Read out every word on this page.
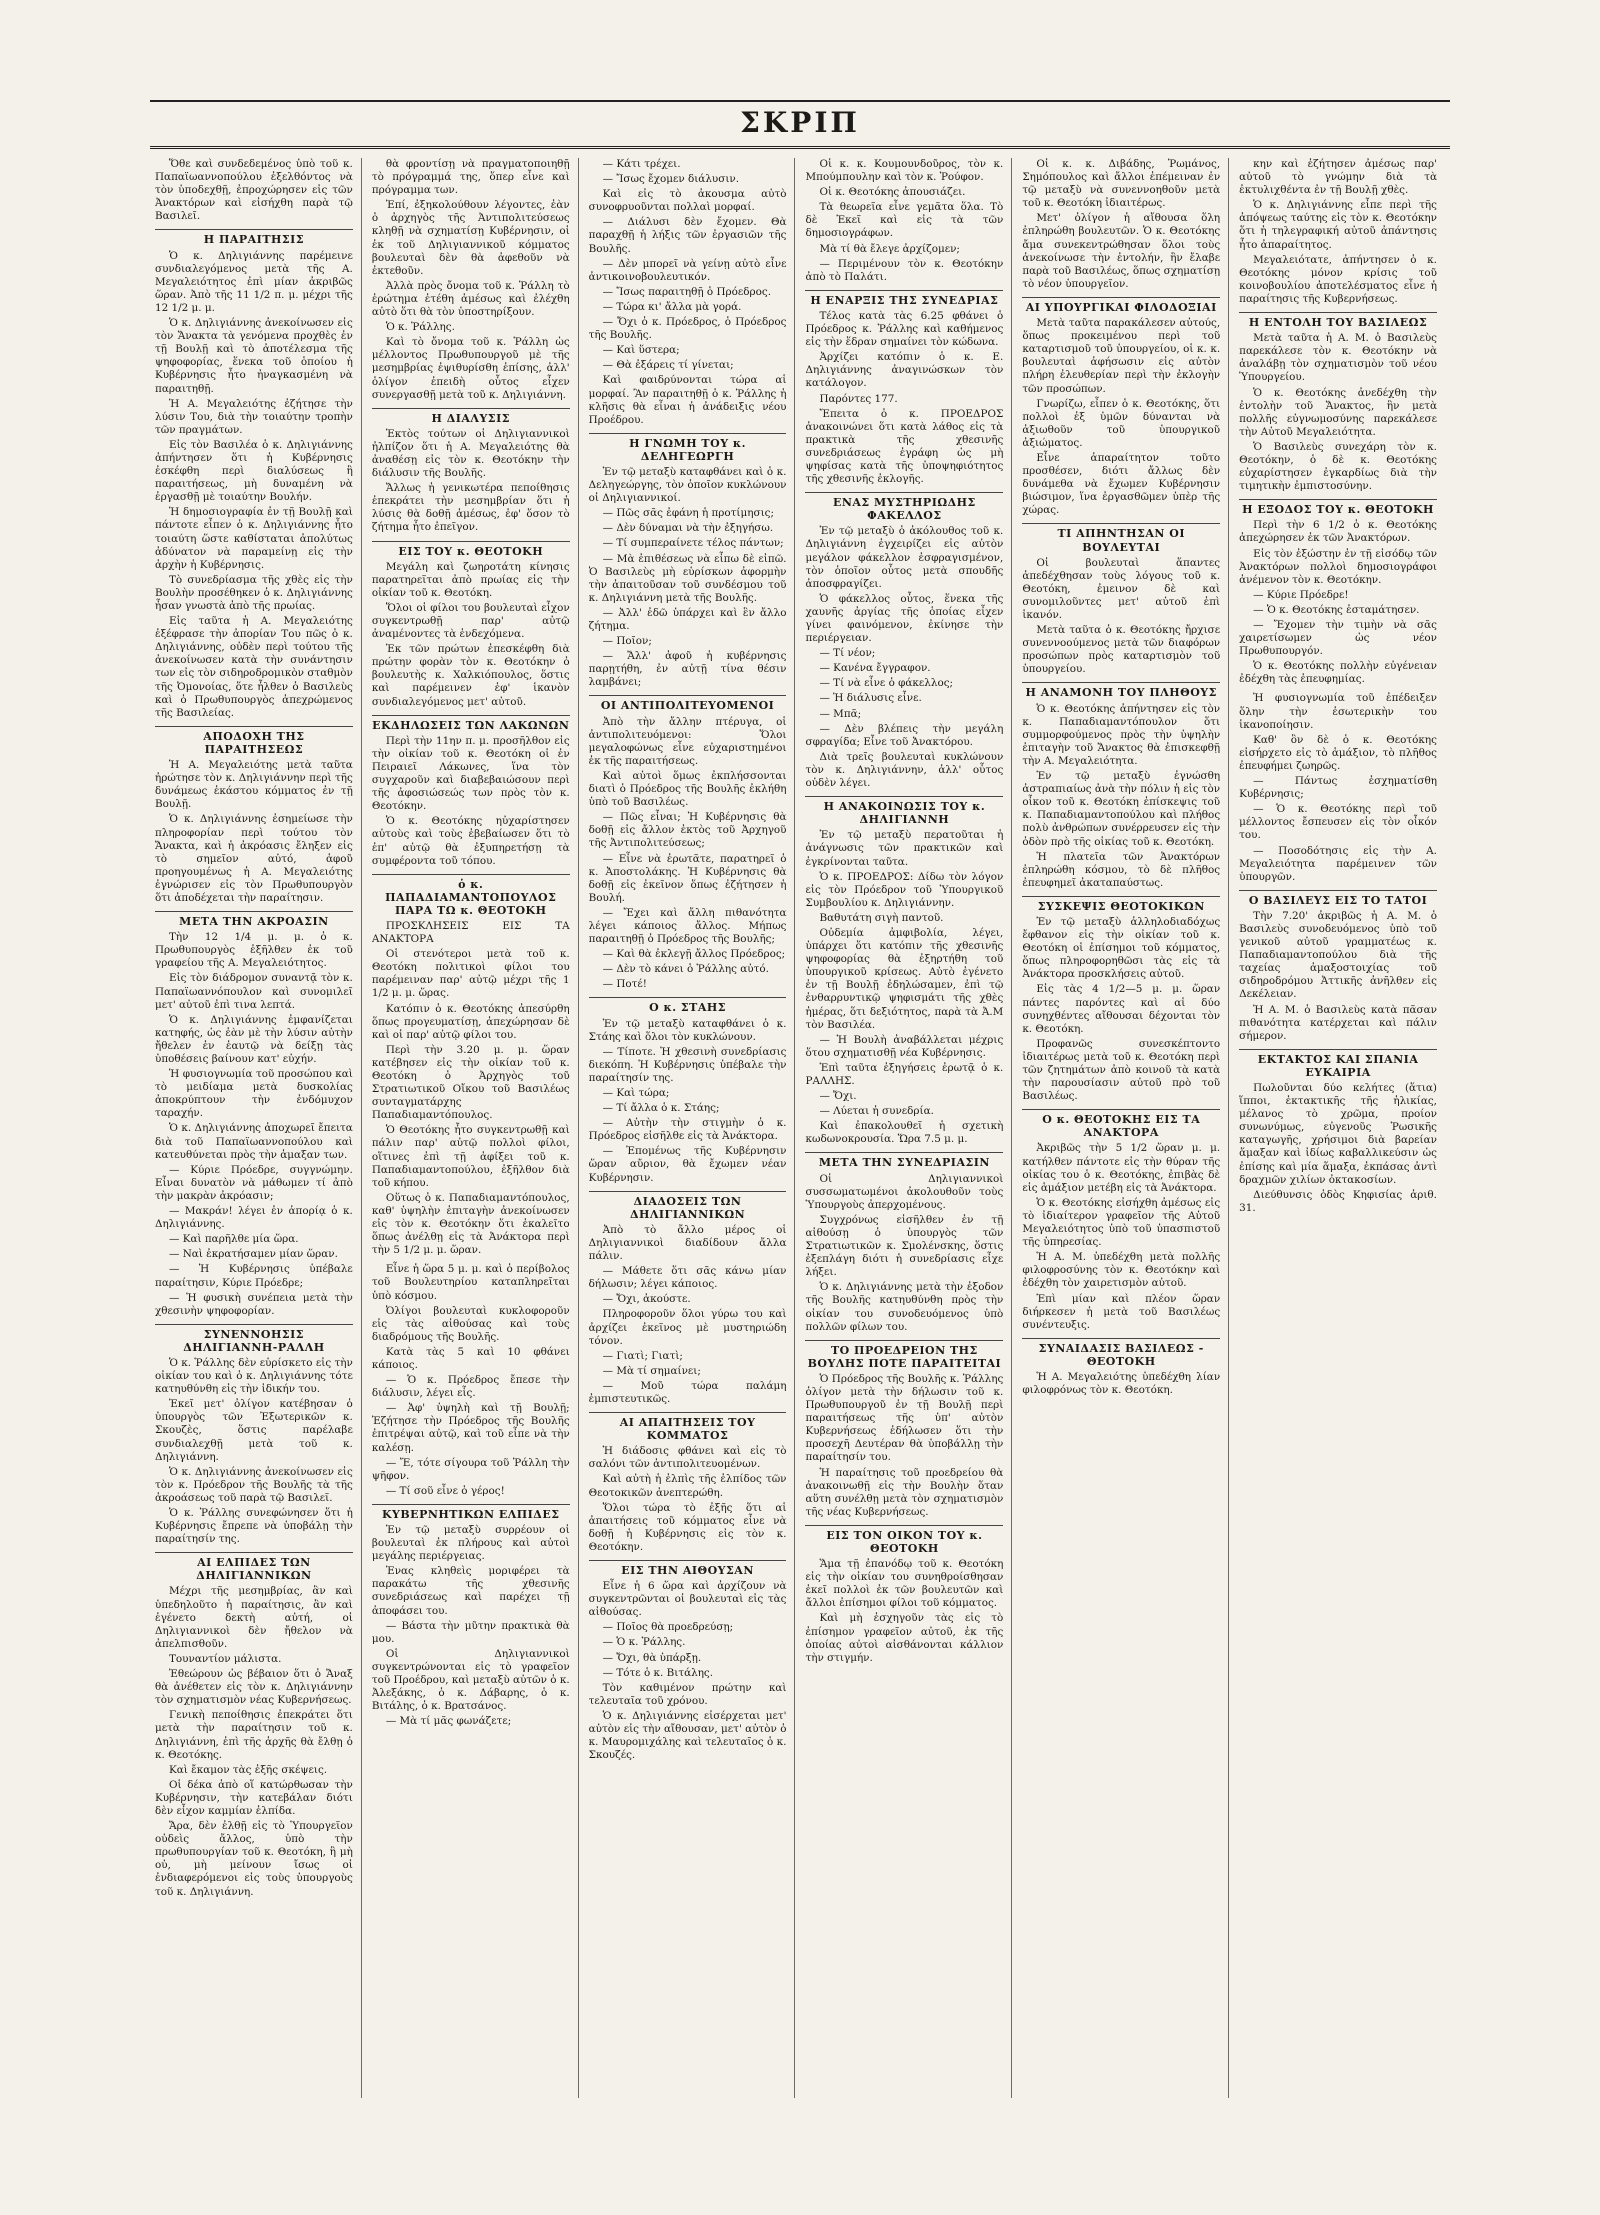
ΣΚΡΙΠ

Ὅθε καὶ συνδεδεμένος ὑπὸ τοῦ κ. Παπαϊωαννοπούλου ἐξελθόντος νὰ τὸν ὑποδεχθῇ, ἐπροχώρησεν εἰς τῶν Ἀνακτόρων καὶ εἰσήχθη παρὰ τῷ Βασιλεῖ.

Η ΠΑΡΑΙΤΗΣΙΣ

Ὁ κ. Δηλιγιάννης παρέμεινε συνδιαλεγόμενος μετὰ τῆς Α. Μεγαλειότητος ἐπὶ μίαν ἀκριβῶς ὥραν. Ἀπὸ τῆς 11 1/2 π. μ. μέχρι τῆς 12 1/2 μ. μ.

Ὁ κ. Δηλιγιάννης ἀνεκοίνωσεν εἰς τὸν Ἄνακτα τὰ γενόμενα προχθὲς ἐν τῇ Βουλῇ καὶ τὸ ἀποτέλεσμα τῆς ψηφοφορίας, ἕνεκα τοῦ ὁποίου ἡ Κυβέρνησις ἦτο ἠναγκασμένη νὰ παραιτηθῇ.

Ἡ Α. Μεγαλειότης ἐζήτησε τὴν λύσιν Του, διὰ τὴν τοιαύτην τροπὴν τῶν πραγμάτων.

Εἰς τὸν Βασιλέα ὁ κ. Δηλιγιάννης ἀπήντησεν ὅτι ἡ Κυβέρνησις ἐσκέφθη περὶ διαλύσεως ἢ παραιτήσεως, μὴ δυναμένη νὰ ἐργασθῇ μὲ τοιαύτην Βουλήν.

Ἡ δημοσιογραφία ἐν τῇ Βουλῇ καὶ πάντοτε εἶπεν ὁ κ. Δηλιγιάννης ἦτο τοιαύτη ὥστε καθίσταται ἀπολύτως ἀδύνατον νὰ παραμείνῃ εἰς τὴν ἀρχὴν ἡ Κυβέρνησις.

Τὸ συνεδρίασμα τῆς χθὲς εἰς τὴν Βουλὴν προσέθηκεν ὁ κ. Δηλιγιάννης ἦσαν γνωστὰ ἀπὸ τῆς πρωίας.

Εἰς ταῦτα ἡ Α. Μεγαλειότης ἐξέφρασε τὴν ἀπορίαν Του πῶς ὁ κ. Δηλιγιάννης, οὐδὲν περὶ τούτου τῆς ἀνεκοίνωσεν κατὰ τὴν συνάντησιν των εἰς τὸν σιδηροδρομικὸν σταθμὸν τῆς Ὀμονοίας, ὅτε ἦλθεν ὁ Βασιλεὺς καὶ ὁ Πρωθυπουργὸς ἀπεχρώμενος τῆς Βασιλείας.

ΑΠΟΔΟΧΗ ΤΗΣ ΠΑΡΑΙΤΗΣΕΩΣ

Ἡ Α. Μεγαλειότης μετὰ ταῦτα ἠρώτησε τὸν κ. Δηλιγιάννην περὶ τῆς δυνάμεως ἑκάστου κόμματος ἐν τῇ Βουλῇ.

Ὁ κ. Δηλιγιάννης ἐσημείωσε τὴν πληροφορίαν περὶ τούτου τὸν Ἄνακτα, καὶ ἡ ἀκρόασις ἔληξεν εἰς τὸ σημεῖον αὐτό, ἀφοῦ προηγουμένως ἡ Α. Μεγαλειότης ἐγνώρισεν εἰς τὸν Πρωθυπουργὸν ὅτι ἀποδέχεται τὴν παραίτησιν.

ΜΕΤΑ ΤΗΝ ΑΚΡΟΑΣΙΝ

Τὴν 12 1/4 μ. μ. ὁ κ. Πρωθυπουργὸς ἐξῆλθεν ἐκ τοῦ γραφείου τῆς Α. Μεγαλειότητος.

Εἰς τὸν διάδρομον συναντᾷ τὸν κ. Παπαϊωαννόπουλον καὶ συνομιλεῖ μετ' αὐτοῦ ἐπὶ τινα λεπτά.

Ὁ κ. Δηλιγιάννης ἐμφανίζεται κατηφής, ὡς ἐὰν μὲ τὴν λύσιν αὐτὴν ἤθελεν ἐν ἑαυτῷ νὰ δείξῃ τὰς ὑποθέσεις βαίνουν κατ' εὐχήν.

Ἡ φυσιογνωμία τοῦ προσώπου καὶ τὸ μειδίαμα μετὰ δυσκολίας ἀποκρύπτουν τὴν ἐνδόμυχον ταραχήν.

Ὁ κ. Δηλιγιάννης ἀποχωρεῖ ἔπειτα διὰ τοῦ Παπαϊωαννοπούλου καὶ κατευθύνεται πρὸς τὴν ἁμαξαν των.

— Κύριε Πρόεδρε, συγγνώμην. Εἶναι δυνατὸν νὰ μάθωμεν τί ἀπὸ τὴν μακρὰν ἀκρόασιν;

— Μακράν! λέγει ἐν ἀπορίᾳ ὁ κ. Δηλιγιάννης.

— Καὶ παρῆλθε μία ὥρα.

— Ναὶ ἐκρατήσαμεν μίαν ὥραν.

— Ἡ Κυβέρνησις ὑπέβαλε παραίτησιν, Κύριε Πρόεδρε;

— Ἡ φυσικὴ συνέπεια μετὰ τὴν χθεσινὴν ψηφοφορίαν.

ΣΥΝΕΝΝΟΗΣΙΣ ΔΗΛΙΓΙΑΝΝΗ-ΡΑΛΛΗ

Ὁ κ. Ῥάλλης δὲν εὑρίσκετο εἰς τὴν οἰκίαν του καὶ ὁ κ. Δηλιγιάννης τότε κατηυθύνθη εἰς τὴν ἰδικήν του.

Ἐκεῖ μετ' ὀλίγον κατέβησαν ὁ ὑπουργὸς τῶν Ἐξωτερικῶν κ. Σκουζὲς, ὅστις παρέλαβε συνδιαλεχθῇ μετὰ τοῦ κ. Δηλιγιάννη.

Ὁ κ. Δηλιγιάννης ἀνεκοίνωσεν εἰς τὸν κ. Πρόεδρον τῆς Βουλῆς τὰ τῆς ἀκροάσεως τοῦ παρὰ τῷ Βασιλεῖ.

Ὁ κ. Ῥάλλης συνεφώνησεν ὅτι ἡ Κυβέρνησις ἔπρεπε νὰ ὑποβάλῃ τὴν παραίτησίν της.

ΑΙ ΕΛΠΙΔΕΣ ΤΩΝ ΔΗΛΙΓΙΑΝΝΙΚΩΝ

Μέχρι τῆς μεσημβρίας, ἂν καὶ ὑπεδηλοῦτο ἡ παραίτησις, ἂν καὶ ἐγένετο δεκτὴ αὐτή, οἱ Δηλιγιαννικοὶ δὲν ἤθελον νὰ ἀπελπισθοῦν.

Τουναντίον μάλιστα.

Ἐθεώρουν ὡς βέβαιον ὅτι ὁ Ἄναξ θὰ ἀνέθετεν εἰς τὸν κ. Δηλιγιάννην τὸν σχηματισμὸν νέας Κυβερνήσεως.

Γενικὴ πεποίθησις ἐπεκράτει ὅτι μετὰ τὴν παραίτησιν τοῦ κ. Δηλιγιάννη, ἐπὶ τῆς ἀρχῆς θὰ ἔλθῃ ὁ κ. Θεοτόκης.

Καὶ ἔκαμον τὰς ἐξῆς σκέψεις.

Οἱ δέκα ἀπὸ οἵ κατώρθωσαν τὴν Κυβέρνησιν, τὴν κατεβάλαν διότι δὲν εἶχον καμμίαν ἐλπίδα.

Ἄρα, δὲν ἐλθῇ εἰς τὸ Ὑπουργεῖον οὐδεὶς ἄλλος, ὑπὸ τὴν πρωθυπουργίαν τοῦ κ. Θεοτόκη, ἢ μὴ οὐ, μὴ μείνουν ἴσως οἱ ἐνδιαφερόμενοι εἰς τοὺς ὑπουργοὺς τοῦ κ. Δηλιγιάννη.

θὰ φροντίσῃ νὰ πραγματοποιηθῇ τὸ πρόγραμμά της, ὅπερ εἶνε καὶ πρόγραμμα των.

Ἐπί, ἐξηκολούθουν λέγοντες, ἐὰν ὁ ἀρχηγὸς τῆς Ἀντιπολιτεύσεως κληθῇ νὰ σχηματίσῃ Κυβέρνησιν, οἱ ἐκ τοῦ Δηλιγιαννικοῦ κόμματος βουλευταὶ δὲν θὰ ἀφεθοῦν νὰ ἐκτεθοῦν.

Ἀλλὰ πρὸς ὄνομα τοῦ κ. Ῥάλλη τὸ ἐρώτημα ἐτέθη ἀμέσως καὶ ἐλέχθη αὐτὸ ὅτι θὰ τὸν ὑποστηρίξουν.

Ὁ κ. Ῥάλλης.

Καὶ τὸ ὄνομα τοῦ κ. Ῥάλλη ὡς μέλλοντος Πρωθυπουργοῦ μὲ τῆς μεσημβρίας ἐψιθυρίσθη ἐπίσης, ἀλλ' ὁλίγον ἐπειδὴ οὗτος εἶχεν συνεργασθῇ μετὰ τοῦ κ. Δηλιγιάννη.

Η ΔΙΑΛΥΣΙΣ

Ἐκτὸς τούτων οἱ Δηλιγιαννικοὶ ἠλπίζον ὅτι ἡ Α. Μεγαλειότης θὰ ἀναθέσῃ εἰς τὸν κ. Θεοτόκην τὴν διάλυσιν τῆς Βουλῆς.

Ἄλλως ἡ γενικωτέρα πεποίθησις ἐπεκράτει τὴν μεσημβρίαν ὅτι ἡ λύσις θὰ δοθῇ ἀμέσως, ἐφ' ὅσον τὸ ζήτημα ἦτο ἐπεῖγον.

ΕΙΣ ΤΟΥ κ. ΘΕΟΤΟΚΗ

Μεγάλη καὶ ζωηροτάτη κίνησις παρατηρεῖται ἀπὸ πρωίας εἰς τὴν οἰκίαν τοῦ κ. Θεοτόκη.

Ὅλοι οἱ φίλοι του βουλευταὶ εἶχον συγκεντρωθῇ παρ' αὐτῷ ἀναμένοντες τὰ ἐνδεχόμενα.

Ἐκ τῶν πρώτων ἐπεσκέφθη διὰ πρώτην φορὰν τὸν κ. Θεοτόκην ὁ βουλευτὴς κ. Χαλκιόπουλος, ὅστις καὶ παρέμεινεν ἐφ' ἱκανὸν συνδιαλεγόμενος μετ' αὐτοῦ.

ΕΚΔΗΛΩΣΕΙΣ ΤΩΝ ΛΑΚΩΝΩΝ

Περὶ τὴν 11ην π. μ. προσῆλθον εἰς τὴν οἰκίαν τοῦ κ. Θεοτόκη οἱ ἐν Πειραιεῖ Λάκωνες, ἵνα τὸν συγχαροῦν καὶ διαβεβαιώσουν περὶ τῆς ἀφοσιώσεώς των πρὸς τὸν κ. Θεοτόκην.

Ὁ κ. Θεοτόκης ηὐχαρίστησεν αὐτοὺς καὶ τοὺς ἐβεβαίωσεν ὅτι τὸ ἐπ' αὐτῷ θὰ ἐξυπηρετήσῃ τὰ συμφέροντα τοῦ τόπου.

ὁ κ. ΠΑΠΑΔΙΑΜΑΝΤΟΠΟΥΛΟΣ ΠΑΡΑ ΤΩ κ. ΘΕΟΤΟΚΗ

ΠΡΟΣΚΛΗΣΕΙΣ ΕΙΣ ΤΑ ΑΝΑΚΤΟΡΑ

Οἱ στενότεροι μετὰ τοῦ κ. Θεοτόκη πολιτικοὶ φίλοι του παρέμειναν παρ' αὐτῷ μέχρι τῆς 1 1/2 μ. μ. ὥρας.

Κατόπιν ὁ κ. Θεοτόκης ἀπεσύρθη ὅπως προγευματίσῃ, ἀπεχώρησαν δὲ καὶ οἱ παρ' αὐτῷ φίλοι του.

Περὶ τὴν 3.20 μ. μ. ὥραν κατέβησεν εἰς τὴν οἰκίαν τοῦ κ. Θεοτόκη ὁ Ἀρχηγὸς τοῦ Στρατιωτικοῦ Οἴκου τοῦ Βασιλέως συνταγματάρχης Παπαδιαμαντόπουλος.

Ὁ Θεοτόκης ἦτο συγκεντρωθῇ καὶ πάλιν παρ' αὐτῷ πολλοὶ φίλοι, οἵτινες ἐπὶ τῇ ἀφίξει τοῦ κ. Παπαδιαμαντοπούλου, ἐξῆλθον διὰ τοῦ κήπου.

Οὕτως ὁ κ. Παπαδιαμαντόπουλος, καθ' ὑψηλὴν ἐπιταγὴν ἀνεκοίνωσεν εἰς τὸν κ. Θεοτόκην ὅτι ἐκαλεῖτο ὅπως ἀνέλθῃ εἰς τὰ Ἀνάκτορα περὶ τὴν 5 1/2 μ. μ. ὥραν.

Εἶνε ἡ ὥρα 5 μ. μ. καὶ ὁ περίβολος τοῦ Βουλευτηρίου καταπληρεῖται ὑπὸ κόσμου.

Ὀλίγοι βουλευταὶ κυκλοφοροῦν εἰς τὰς αἰθούσας καὶ τοὺς διαδρόμους τῆς Βουλῆς.

Κατὰ τὰς 5 καὶ 10 φθάνει κάποιος.

— Ὁ κ. Πρόεδρος ἔπεσε τὴν διάλυσιν, λέγει εἷς.

— Ἀφ' ὑψηλὴ καὶ τῇ Βουλῇ; Ἐζήτησε τὴν Πρόεδρος τῆς Βουλῆς ἐπιτρέψαι αὐτῷ, καὶ τοῦ εἶπε νὰ τὴν καλέσῃ.

— Ἔ, τότε σίγουρα τοῦ Ῥάλλη τὴν ψῆφον.

— Τί σοῦ εἶνε ὁ γέρος!

ΚΥΒΕΡΝΗΤΙΚΩΝ ΕΛΠΙΔΕΣ

Ἐν τῷ μεταξὺ συρρέουν οἱ βουλευταὶ ἐκ πλήρους καὶ αὐτοὶ μεγάλης περιέργειας.

Ἐνας κληθεὶς μοριφέρει τὰ παρακάτω τῆς χθεσινῆς συνεδριάσεως καὶ παρέχει τῇ ἀποφάσει του.

— Βάστα τὴν μῦτην πρακτικὰ θὰ μου.

Οἱ Δηλιγιαννικοὶ συγκεντρώνονται εἰς τὸ γραφεῖον τοῦ Προέδρου, καὶ μεταξὺ αὐτῶν ὁ κ. Ἀλεξάκης, ὁ κ. Δάβαρης, ὁ κ. Βιτάλης, ὁ κ. Βρατσάνος.

— Μὰ τί μᾶς φωνάζετε;

— Κάτι τρέχει.

— Ἴσως ἔχομεν διάλυσιν.

Καὶ εἰς τὸ ἀκουσμα αὐτὸ συνοφρυοῦνται πολλαὶ μορφαί.

— Διάλυσι δὲν ἔχομεν. Θὰ παραχθῇ ἡ λήξις τῶν ἐργασιῶν τῆς Βουλῆς.

— Δὲν μπορεῖ νὰ γείνῃ αὐτὸ εἶνε ἀντικοινοβουλευτικόν.

— Ἴσως παραιτηθῇ ὁ Πρόεδρος.

— Τώρα κι' ἄλλα μὰ γορά.

— Ὄχι ὁ κ. Πρόεδρος, ὁ Πρόεδρος τῆς Βουλῆς.

— Καὶ ὕστερα;

— Θὰ ἐξάρεις τί γίνεται;

Καὶ φαιδρύνονται τώρα αἱ μορφαί. Ἂν παραιτηθῇ ὁ κ. Ῥάλλης ἡ κλῆσις θὰ εἶναι ἡ ἀνάδειξις νέου Προέδρου.

Η ΓΝΩΜΗ ΤΟΥ κ. ΔΕΛΗΓΕΩΡΓΗ

Ἐν τῷ μεταξὺ καταφθάνει καὶ ὁ κ. Δεληγεώργης, τὸν ὁποῖον κυκλώνουν οἱ Δηλιγιαννικοί.

— Πῶς σᾶς ἐφάνη ἡ προτίμησις;

— Δὲν δύναμαι νὰ τὴν ἐξηγήσω.

— Τί συμπεραίνετε τέλος πάντων;

— Μὰ ἐπιθέσεως νὰ εἶπω δὲ εἰπῶ. Ὁ Βασιλεὺς μὴ εὑρίσκων ἀφορμὴν τὴν ἀπαιτοῦσαν τοῦ συνδέσμου τοῦ κ. Δηλιγιάννη μετὰ τῆς Βουλῆς.

— Ἀλλ' ἐδῶ ὑπάρχει καὶ ἓν ἄλλο ζήτημα.

— Ποῖον;

— Ἄλλ' ἀφοῦ ἡ κυβέρνησις παρῃτήθη, ἐν αὐτῇ τίνα θέσιν λαμβάνει;

ΟΙ ΑΝΤΙΠΟΛΙΤΕΥΟΜΕΝΟΙ

Ἀπὸ τὴν ἄλλην πτέρυγα, οἱ ἀντιπολιτευόμενοι: Ὅλοι μεγαλοφώνως εἶνε εὐχαριστημένοι ἐκ τῆς παραιτήσεως.

Καὶ αὐτοὶ ὅμως ἐκπλήσσονται διατὶ ὁ Πρόεδρος τῆς Βουλῆς ἐκλήθη ὑπὸ τοῦ Βασιλέως.

— Πῶς εἶναι; Ἡ Κυβέρνησις θὰ δοθῇ εἰς ἄλλον ἐκτὸς τοῦ Ἀρχηγοῦ τῆς Ἀντιπολιτεύσεως;

— Εἶνε νὰ ἐρωτᾶτε, παρατηρεῖ ὁ κ. Ἀποστολάκης. Ἡ Κυβέρνησις θὰ δοθῇ εἰς ἐκεῖνον ὅπως ἐζήτησεν ἡ Βουλή.

— Ἔχει καὶ ἄλλη πιθανότητα λέγει κάποιος ἄλλος. Μήπως παραιτηθῇ ὁ Πρόεδρος τῆς Βουλῆς;

— Καὶ θὰ ἐκλεγῇ ἄλλος Πρόεδρος;

— Δὲν τὸ κάνει ὁ Ῥάλλης αὐτό.

— Ποτέ!

Ο κ. ΣΤΑΗΣ

Ἐν τῷ μεταξὺ καταφθάνει ὁ κ. Στάης καὶ ὅλοι τὸν κυκλώνουν.

— Τίποτε. Ἡ χθεσινὴ συνεδρίασις διεκόπη. Ἡ Κυβέρνησις ὑπέβαλε τὴν παραίτησίν της.

— Καὶ τώρα;

— Τί ἄλλα ὁ κ. Στάης;

— Αὐτὴν τὴν στιγμὴν ὁ κ. Πρόεδρος εἰσῆλθε εἰς τὰ Ἀνάκτορα.

— Ἐπομένως τῆς Κυβέρνησιν ὥραν αὔριον, θὰ ἔχωμεν νέαν Κυβέρνησιν.

ΔΙΑΔΟΣΕΙΣ ΤΩΝ ΔΗΛΙΓΙΑΝΝΙΚΩΝ

Ἀπὸ τὸ ἄλλο μέρος οἱ Δηλιγιαννικοὶ διαδίδουν ἄλλα πάλιν.

— Μάθετε ὅτι σᾶς κάνω μίαν δήλωσιν; λέγει κάποιος.

— Ὄχι, ἀκούστε.

Πληροφοροῦν ὅλοι γύρω του καὶ ἀρχίζει ἐκεῖνος μὲ μυστηριώδη τόνον.

— Γιατὶ; Γιατὶ;

— Μὰ τί σημαίνει;

— Μοῦ τώρα παλάμη ἐμπιστευτικῶς.

ΑΙ ΑΠΑΙΤΗΣΕΙΣ ΤΟΥ ΚΟΜΜΑΤΟΣ

Ἡ διάδοσις φθάνει καὶ εἰς τὸ σαλόνι τῶν ἀντιπολιτευομένων.

Καὶ αὐτὴ ἡ ἐλπὶς τῆς ἐλπίδος τῶν Θεοτοκικῶν ἀνεπτερώθη.

Ὅλοι τώρα τὸ ἐξῆς ὅτι αἱ ἀπαιτήσεις τοῦ κόμματος εἶνε νὰ δοθῇ ἡ Κυβέρνησις εἰς τὸν κ. Θεοτόκην.

ΕΙΣ ΤΗΝ ΑΙΘΟΥΣΑΝ

Εἶνε ἡ 6 ὥρα καὶ ἀρχίζουν νὰ συγκεντρῶνται οἱ βουλευταὶ εἰς τὰς αἰθούσας.

— Ποῖος θὰ προεδρεύσῃ;

— Ὁ κ. Ῥάλλης.

— Ὄχι, θὰ ὑπάρξῃ.

— Τότε ὁ κ. Βιτάλης.

Τὸν καθιμένον πρώτην καὶ τελευταῖα τοῦ χρόνου.

Ὁ κ. Δηλιγιάννης εἰσέρχεται μετ' αὐτὸν εἰς τὴν αἴθουσαν, μετ' αὐτὸν ὁ κ. Μαυρομιχάλης καὶ τελευταῖος ὁ κ. Σκουζές.

Οἱ κ. κ. Κουμουνδοῦρος, τὸν κ. Μπούμπουλην καὶ τὸν κ. Ῥούφον.

Οἱ κ. Θεοτόκης ἀπουσιάζει.

Τὰ θεωρεῖα εἶνε γεμᾶτα ὅλα. Τὸ δὲ Ἐκεῖ καὶ εἰς τὰ τῶν δημοσιογράφων.

Μὰ τί θὰ ἔλεγε ἀρχίζομεν;

— Περιμένουν τὸν κ. Θεοτόκην ἀπὸ τὸ Παλάτι.

Η ΕΝΑΡΞΙΣ ΤΗΣ ΣΥΝΕΔΡΙΑΣ

Τέλος κατὰ τὰς 6.25 φθάνει ὁ Πρόεδρος κ. Ῥάλλης καὶ καθήμενος εἰς τὴν ἕδραν σημαίνει τὸν κώδωνα.

Ἀρχίζει κατόπιν ὁ κ. Ε. Δηλιγιάννης ἀναγινώσκων τὸν κατάλογον.

Παρόντες 177.

Ἔπειτα ὁ κ. ΠΡΟΕΔΡΟΣ ἀνακοινώνει ὅτι κατὰ λάθος εἰς τὰ πρακτικὰ τῆς χθεσινῆς συνεδριάσεως ἐγράφη ὡς μὴ ψηφίσας κατὰ τῆς ὑποψηφιότητος τῆς χθεσινῆς ἐκλογῆς.

ΕΝΑΣ ΜΥΣΤΗΡΙΩΔΗΣ ΦΑΚΕΛΛΟΣ

Ἐν τῷ μεταξὺ ὁ ἀκόλουθος τοῦ κ. Δηλιγιάννη ἐγχειρίζει εἰς αὐτὸν μεγάλον φάκελλον ἐσφραγισμένον, τὸν ὁποῖον οὗτος μετὰ σπουδῆς ἀποσφραγίζει.

Ὁ φάκελλος οὗτος, ἕνεκα τῆς χαυνῆς ἀργίας τῆς ὁποίας εἶχεν γίνει φαινόμενον, ἐκίνησε τὴν περιέργειαν.

— Τί νέον;

— Κανένα ἔγγραφον.

— Τί νὰ εἶνε ὁ φάκελλος;

— Ἡ διάλυσις εἶνε.

— Μπᾶ;

— Δὲν βλέπεις τὴν μεγάλη σφραγίδα; Εἶνε τοῦ Ἀνακτόρου.

Διὰ τρεῖς βουλευταὶ κυκλώνουν τὸν κ. Δηλιγιάννην, ἀλλ' οὗτος οὐδὲν λέγει.

Η ΑΝΑΚΟΙΝΩΣΙΣ ΤΟΥ κ. ΔΗΛΙΓΙΑΝΝΗ

Ἐν τῷ μεταξὺ περατοῦται ἡ ἀνάγνωσις τῶν πρακτικῶν καὶ ἐγκρίνονται ταῦτα.

Ὁ κ. ΠΡΟΕΔΡΟΣ: Δίδω τὸν λόγον εἰς τὸν Πρόεδρον τοῦ Ὑπουργικοῦ Συμβουλίου κ. Δηλιγιάννην.

Βαθυτάτη σιγὴ παντοῦ.

Οὐδεμία ἀμφιβολία, λέγει, ὑπάρχει ὅτι κατόπιν τῆς χθεσινῆς ψηφοφορίας θὰ ἐξηρτήθη τοῦ ὑπουργικοῦ κρίσεως. Αὐτὸ ἐγένετο ἐν τῇ Βουλῇ ἐδηλώσαμεν, ἐπὶ τῷ ἐνθαρρυντικῷ ψηφισμάτι τῆς χθὲς ἡμέρας, ὅτι δεξιότητος, παρὰ τὰ Ἀ.Μ τὸν Βασιλέα.

— Ἡ Βουλὴ ἀναβάλλεται μέχρις ὅτου σχηματισθῇ νέα Κυβέρνησις.

Ἐπὶ ταῦτα ἐξηγήσεις ἐρωτᾷ ὁ κ. ΡΑΛΛΗΣ.

— Ὄχι.

— Λύεται ἡ συνεδρία.

Καὶ ἐπακολουθεῖ ἡ σχετικὴ κωδωνοκρουσία. Ὥρα 7.5 μ. μ.

ΜΕΤΑ ΤΗΝ ΣΥΝΕΔΡΙΑΣΙΝ

Οἱ Δηλιγιαννικοὶ συσσωματωμένοι ἀκολουθοῦν τοὺς Ὑπουργοὺς ἀπερχομένους.

Συγχρόνως εἰσῆλθεν ἐν τῇ αἰθούσῃ ὁ ὑπουργὸς τῶν Στρατιωτικῶν κ. Σμολένσκης, ὅστις ἐξεπλάγη διότι ἡ συνεδρίασις εἶχε λήξει.

Ὁ κ. Δηλιγιάννης μετὰ τὴν ἐξοδον τῆς Βουλῆς κατηυθύνθη πρὸς τὴν οἰκίαν του συνοδευόμενος ὑπὸ πολλῶν φίλων του.

ΤΟ ΠΡΟΕΔΡΕΙΟΝ ΤΗΣ ΒΟΥΛΗΣ ΠΟΤΕ ΠΑΡΑΙΤΕΙΤΑΙ

Ὁ Πρόεδρος τῆς Βουλῆς κ. Ῥάλλης ὀλίγον μετὰ τὴν δήλωσιν τοῦ κ. Πρωθυπουργοῦ ἐν τῇ Βουλῇ περὶ παραιτήσεως τῆς ὑπ' αὐτὸν Κυβερνήσεως ἐδήλωσεν ὅτι τὴν προσεχῆ Δευτέραν θὰ ὑποβάλλῃ τὴν παραίτησίν του.

Ἡ παραίτησις τοῦ προεδρείου θὰ ἀνακοινωθῇ εἰς τὴν Βουλὴν ὅταν αὕτη συνέλθῃ μετὰ τὸν σχηματισμὸν τῆς νέας Κυβερνήσεως.

ΕΙΣ ΤΟΝ ΟΙΚΟΝ ΤΟΥ κ. ΘΕΟΤΟΚΗ

Ἅμα τῇ ἐπανόδῳ τοῦ κ. Θεοτόκη εἰς τὴν οἰκίαν του συνηθροίσθησαν ἐκεῖ πολλοὶ ἐκ τῶν βουλευτῶν καὶ ἄλλοι ἐπίσημοι φίλοι τοῦ κόμματος.

Καὶ μὴ ἐσχηγοῦν τὰς εἰς τὸ ἐπίσημον γραφεῖον αὐτοῦ, ἐκ τῆς ὁποίας αὐτοὶ αἰσθάνονται κάλλιον τὴν στιγμήν.

Οἱ κ. κ. Διβάδης, Ῥωμάνος, Σημόπουλος καὶ ἄλλοι ἐπέμειναν ἐν τῷ μεταξὺ νὰ συνεννοηθοῦν μετὰ τοῦ κ. Θεοτόκη ἰδιαιτέρως.

Μετ' ὀλίγον ἡ αἴθουσα ὅλη ἐπληρώθη βουλευτῶν. Ὁ κ. Θεοτόκης ἄμα συνεκεντρώθησαν ὅλοι τοὺς ἀνεκοίνωσε τὴν ἐντολήν, ἣν ἔλαβε παρὰ τοῦ Βασιλέως, ὅπως σχηματίσῃ τὸ νέον ὑπουργεῖον.

ΑΙ ΥΠΟΥΡΓΙΚΑΙ ΦΙΛΟΔΟΞΙΑΙ

Μετὰ ταῦτα παρακάλεσεν αὐτούς, ὅπως προκειμένου περὶ τοῦ καταρτισμοῦ τοῦ ὑπουργείου, οἱ κ. κ. βουλευταὶ ἀφήσωσιν εἰς αὐτὸν πλήρη ἐλευθερίαν περὶ τὴν ἐκλογὴν τῶν προσώπων.

Γνωρίζω, εἶπεν ὁ κ. Θεοτόκης, ὅτι πολλοὶ ἐξ ὑμῶν δύνανται νὰ ἀξιωθοῦν τοῦ ὑπουργικοῦ ἀξιώματος.

Εἶνε ἀπαραίτητον τοῦτο προσθέσεν, διότι ἄλλως δὲν δυνάμεθα νὰ ἔχωμεν Κυβέρνησιν βιώσιμον, ἵνα ἐργασθῶμεν ὑπὲρ τῆς χώρας.

ΤΙ ΑΠΗΝΤΗΣΑΝ ΟΙ ΒΟΥΛΕΥΤΑΙ

Οἱ βουλευταὶ ἅπαντες ἀπεδέχθησαν τοὺς λόγους τοῦ κ. Θεοτόκη, ἐμεινον δὲ καὶ συνομιλοῦντες μετ' αὐτοῦ ἐπὶ ἱκανόν.

Μετὰ ταῦτα ὁ κ. Θεοτόκης ἤρχισε συνεννοούμενος μετὰ τῶν διαφόρων προσώπων πρὸς καταρτισμὸν τοῦ ὑπουργείου.

Η ΑΝΑΜΟΝΗ ΤΟΥ ΠΛΗΘΟΥΣ

Ὁ κ. Θεοτόκης ἀπήντησεν εἰς τὸν κ. Παπαδιαμαντόπουλον ὅτι συμμορφούμενος πρὸς τὴν ὑψηλὴν ἐπιταγὴν τοῦ Ἄνακτος θὰ ἐπισκεφθῇ τὴν Α. Μεγαλειότητα.

Ἐν τῷ μεταξὺ ἐγνώσθη ἀστραπιαίως ἀνὰ τὴν πόλιν ἡ εἰς τὸν οἶκον τοῦ κ. Θεοτόκη ἐπίσκεψις τοῦ κ. Παπαδιαμαντοπούλου καὶ πλήθος πολὺ ἀνθρώπων συνέρρευσεν εἰς τὴν ὁδὸν πρὸ τῆς οἰκίας τοῦ κ. Θεοτόκη.

Ἡ πλατεῖα τῶν Ἀνακτόρων ἐπληρώθη κόσμου, τὸ δὲ πλῆθος ἐπευφημεῖ ἀκαταπαύστως.

ΣΥΣΚΕΨΙΣ ΘΕΟΤΟΚΙΚΩΝ

Ἐν τῷ μεταξὺ ἀλληλοδιαδόχως ἔφθανον εἰς τὴν οἰκίαν τοῦ κ. Θεοτόκη οἱ ἐπίσημοι τοῦ κόμματος, ὅπως πληροφορηθῶσι τὰς εἰς τὰ Ἀνάκτορα προσκλήσεις αὐτοῦ.

Εἰς τὰς 4 1/2—5 μ. μ. ὥραν πάντες παρόντες καὶ αἱ δύο συνηχθέντες αἴθουσαι δέχονται τὸν κ. Θεοτόκη.

Προφανῶς συνεσκέπτοντο ἰδιαιτέρως μετὰ τοῦ κ. Θεοτόκη περὶ τῶν ζητημάτων ἀπὸ κοινοῦ τὰ κατὰ τὴν παρουσίασιν αὐτοῦ πρὸ τοῦ Βασιλέως.

Ο κ. ΘΕΟΤΟΚΗΣ ΕΙΣ ΤΑ ΑΝΑΚΤΟΡΑ

Ἀκριβῶς τὴν 5 1/2 ὥραν μ. μ. κατήλθεν πάντοτε εἰς τὴν θύραν τῆς οἰκίας του ὁ κ. Θεοτόκης, ἐπιβὰς δὲ εἰς ἁμάξιον μετέβη εἰς τὰ Ἀνάκτορα.

Ὁ κ. Θεοτόκης εἰσήχθη ἀμέσως εἰς τὸ ἰδιαίτερον γραφεῖον τῆς Αὐτοῦ Μεγαλειότητος ὑπὸ τοῦ ὑπασπιστοῦ τῆς ὑπηρεσίας.

Ἡ Α. Μ. ὑπεδέχθη μετὰ πολλῆς φιλοφροσύνης τὸν κ. Θεοτόκην καὶ ἐδέχθη τὸν χαιρετισμὸν αὐτοῦ.

Ἐπὶ μίαν καὶ πλέον ὥραν διήρκεσεν ἡ μετὰ τοῦ Βασιλέως συνέντευξις.

ΣΥΝΑΙΔΑΣΙΣ ΒΑΣΙΛΕΩΣ - ΘΕΟΤΟΚΗ

Ἡ Α. Μεγαλειότης ὑπεδέχθη λίαν φιλοφρόνως τὸν κ. Θεοτόκη.

κην καὶ ἐζήτησεν ἀμέσως παρ' αὐτοῦ τὸ γνώμην διὰ τὰ ἐκτυλιχθέντα ἐν τῇ Βουλῇ χθὲς.

Ὁ κ. Δηλιγιάννης εἶπε περὶ τῆς ἀπόψεως ταύτης εἰς τὸν κ. Θεοτόκην ὅτι ἡ τηλεγραφική αὐτοῦ ἀπάντησις ἦτο ἀπαραίτητος.

Μεγαλειότατε, ἀπήντησεν ὁ κ. Θεοτόκης μόνον κρίσις τοῦ κοινοβουλίου ἀποτελέσματος εἶνε ἡ παραίτησις τῆς Κυβερνήσεως.

Η ΕΝΤΟΛΗ ΤΟΥ ΒΑΣΙΛΕΩΣ

Μετὰ ταῦτα ἡ Α. Μ. ὁ Βασιλεὺς παρεκάλεσε τὸν κ. Θεοτόκην νὰ ἀναλάβῃ τὸν σχηματισμὸν τοῦ νέου Ὑπουργείου.

Ὁ κ. Θεοτόκης ἀνεδέχθη τὴν ἐντολὴν τοῦ Ἄνακτος, ἣν μετὰ πολλῆς εὐγνωμοσύνης παρεκάλεσε τὴν Αὐτοῦ Μεγαλειότητα.

Ὁ Βασιλεὺς συνεχάρη τὸν κ. Θεοτόκην, ὁ δὲ κ. Θεοτόκης εὐχαρίστησεν ἐγκαρδίως διὰ τὴν τιμητικὴν ἐμπιστοσύνην.

Η ΕΞΟΔΟΣ ΤΟΥ κ. ΘΕΟΤΟΚΗ

Περὶ τὴν 6 1/2 ὁ κ. Θεοτόκης ἀπεχώρησεν ἐκ τῶν Ἀνακτόρων.

Εἰς τὸν ἐξώστην ἐν τῇ εἰσόδῳ τῶν Ἀνακτόρων πολλοὶ δημοσιογράφοι ἀνέμενον τὸν κ. Θεοτόκην.

— Κύριε Πρόεδρε!

— Ὁ κ. Θεοτόκης ἐσταμάτησεν.

— Ἔχομεν τὴν τιμὴν νὰ σᾶς χαιρετίσωμεν ὡς νέον Πρωθυπουργόν.

Ὁ κ. Θεοτόκης πολλὴν εὐγένειαν ἐδέχθη τὰς ἐπευφημίας.

Ἡ φυσιογνωμία τοῦ ἐπέδειξεν ὅλην τὴν ἐσωτερικὴν του ἱκανοποίησιν.

Καθ' ὃν δὲ ὁ κ. Θεοτόκης εἰσήρχετο εἰς τὸ ἁμάξιον, τὸ πλῆθος ἐπευφήμει ζωηρῶς.

— Πάντως ἐσχηματίσθη Κυβέρνησις;

— Ὁ κ. Θεοτόκης περὶ τοῦ μέλλοντος ἔσπευσεν εἰς τὸν οἶκόν του.

— Ποσοδότησις εἰς τὴν Α. Μεγαλειότητα παρέμεινεν τῶν ὑπουργῶν.

Ο ΒΑΣΙΛΕΥΣ ΕΙΣ ΤΟ ΤΑΤΟΙ

Τὴν 7.20' ἀκριβῶς ἡ Α. Μ. ὁ Βασιλεὺς συνοδευόμενος ὑπὸ τοῦ γενικοῦ αὐτοῦ γραμματέως κ. Παπαδιαμαντοπούλου διὰ τῆς ταχείας ἀμαξοστοιχίας τοῦ σιδηροδρόμου Ἀττικῆς ἀνῆλθεν εἰς Δεκέλειαν.

Ἡ Α. Μ. ὁ Βασιλεὺς κατὰ πᾶσαν πιθανότητα κατέρχεται καὶ πάλιν σήμερον.

ΕΚΤΑΚΤΟΣ ΚΑΙ ΣΠΑΝΙΑ ΕΥΚΑΙΡΙΑ

Πωλοῦνται δύο κελήτες (ἅτια) ἵπποι, ἐκτακτικῆς τῆς ἡλικίας, μέλανος τὸ χρῶμα, προίον συνωνύμως, εὐγενοῦς Ῥωσικῆς καταγωγῆς, χρήσιμοι διὰ βαρείαν ἅμαξαν καὶ ἰδίως καβαλλικεύσιν ὡς ἐπίσης καὶ μία ἅμαξα, ἐκπάσας ἀντὶ δραχμῶν χιλίων ὀκτακοσίων.

Διεύθυνσις ὁδὸς Κηφισίας ἀριθ. 31.
